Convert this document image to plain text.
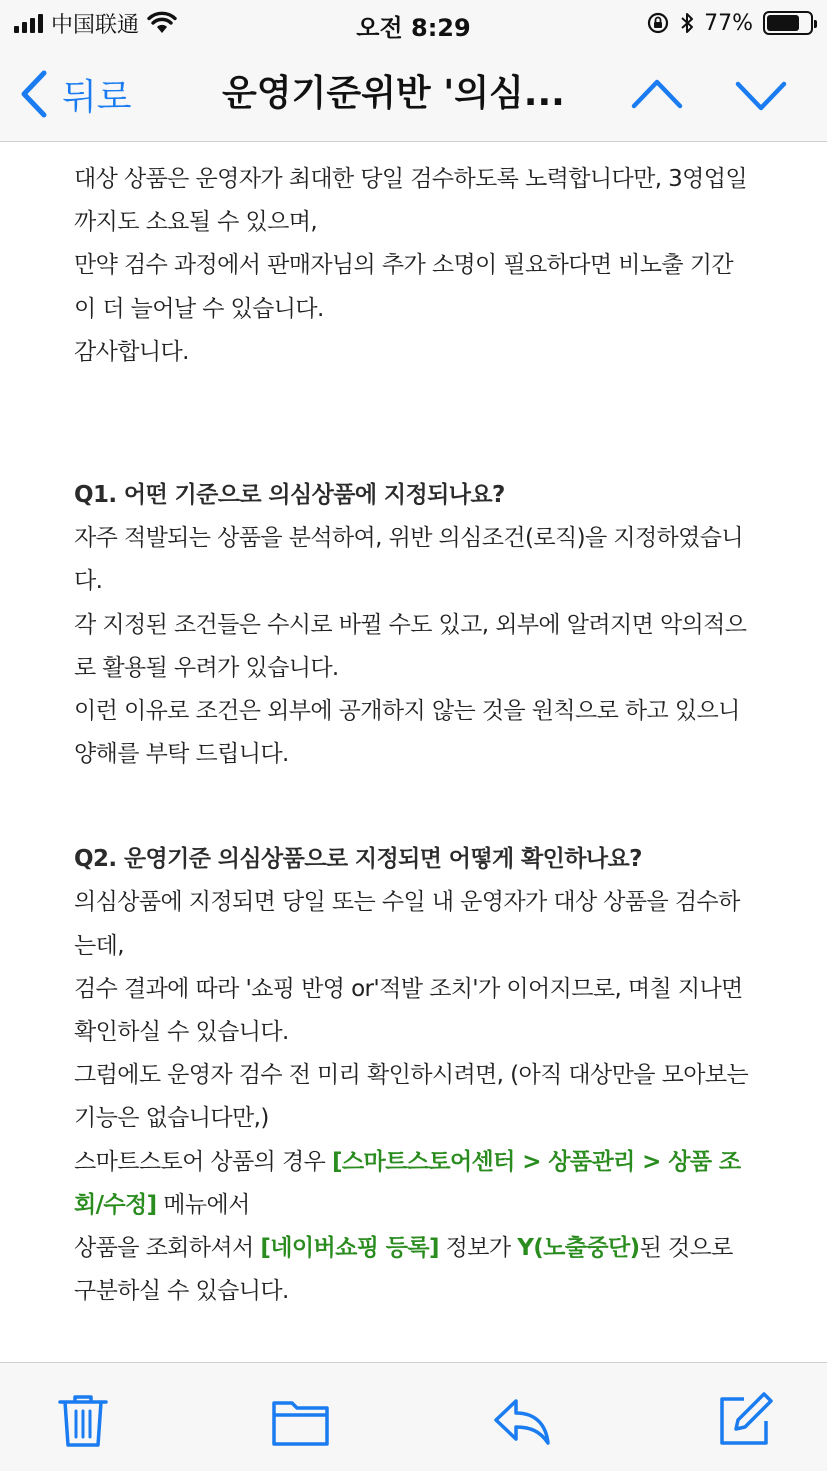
中国联通	오전 8:29	77%
뒤로	운영기준위반 '의심...
대상 상품은 운영자가 최대한 당일 검수하도록 노력합니다만, 3영업일
까지도 소요될 수 있으며,
만약 검수 과정에서 판매자님의 추가 소명이 필요하다면 비노출 기간
이 더 늘어날 수 있습니다.
감사합니다.
Q1. 어떤 기준으로 의심상품에 지정되나요?
자주 적발되는 상품을 분석하여, 위반 의심조건(로직)을 지정하였습니
다.
각 지정된 조건들은 수시로 바뀔 수도 있고, 외부에 알려지면 악의적으
로 활용될 우려가 있습니다.
이런 이유로 조건은 외부에 공개하지 않는 것을 원칙으로 하고 있으니
양해를 부탁 드립니다.
Q2. 운영기준 의심상품으로 지정되면 어떻게 확인하나요?
의심상품에 지정되면 당일 또는 수일 내 운영자가 대상 상품을 검수하
는데,
검수 결과에 따라 '쇼핑 반영 or'적발 조치'가 이어지므로, 며칠 지나면
확인하실 수 있습니다.
그럼에도 운영자 검수 전 미리 확인하시려면, (아직 대상만을 모아보는
기능은 없습니다만,)
스마트스토어 상품의 경우 [스마트스토어센터 > 상품관리 > 상품 조
회/수정] 메뉴에서
상품을 조회하셔서 [네이버쇼핑 등록] 정보가 Y(노출중단)된 것으로
구분하실 수 있습니다.
